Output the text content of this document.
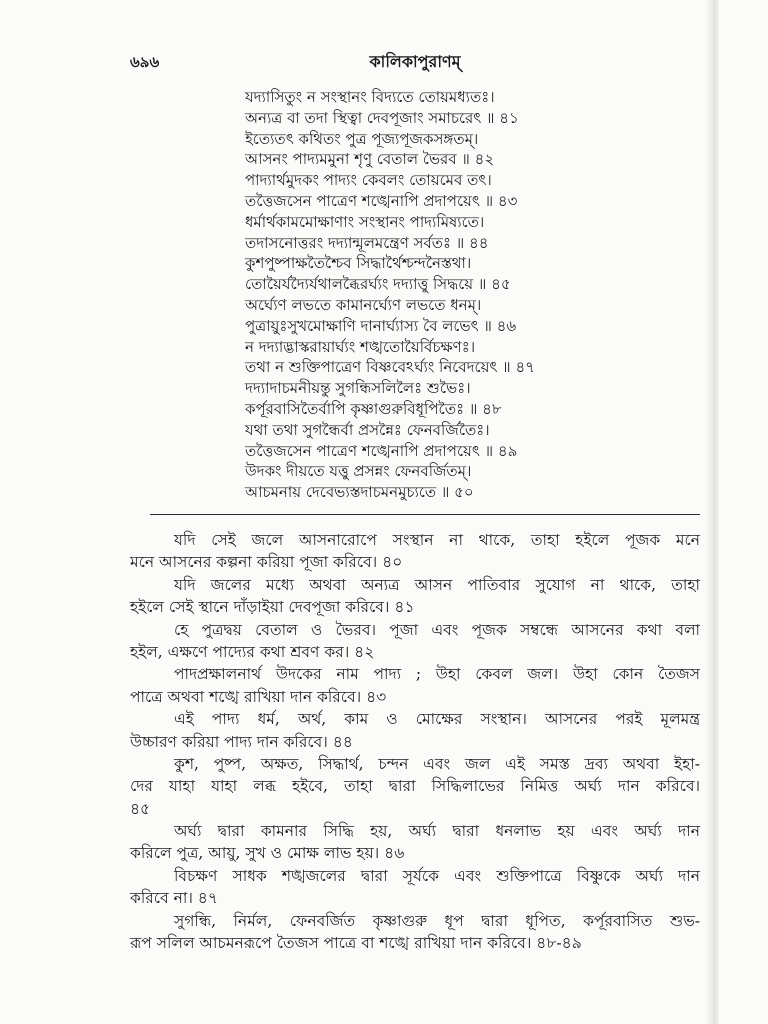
৬৯৬	কালিকাপুরাণম্
যদ্যাসিতুং ন সংস্থানং বিদ্যতে তোয়মধ্যতঃ।
অন্যত্র বা তদা স্থিত্বা দেবপূজাং সমাচরেৎ ॥ ৪১
ইত্যেতৎ কথিতং পুত্র পূজ্যপূজকসঙ্গতম্।
আসনং পাদ্যমমুনা শৃণু বেতাল ভৈরব ॥ ৪২
পাদ্যার্থমুদকং পাদ্যং কেবলং তোয়মেব তৎ।
তত্তৈজসেন পাত্রেণ শঙ্খেনাপি প্রদাপয়েৎ ॥ ৪৩
ধর্মার্থকামমোক্ষাণাং সংস্থানং পাদ্যমিষ্যতে।
তদাসনোত্তরং দদ্যান্মূলমন্ত্রেণ সর্বতঃ ॥ ৪৪
কুশপুষ্পাক্ষতৈশ্চৈব সিদ্ধার্থৈশ্চন্দনৈস্তথা।
তোয়ৈর্যদ্যৈর্যথালব্ধৈরর্ঘ্যং দদ্যাত্তু সিদ্ধয়ে ॥ ৪৫
অর্ঘ্যেণ লভতে কামানর্ঘ্যেণ লভতে ধনম্।
পুত্রায়ুঃসুখমোক্ষাণি দানার্ঘ্যাস্য বৈ লভেৎ ॥ ৪৬
ন দদ্যাদ্ভাস্করায়ার্ঘ্যং শঙ্খতোয়ৈর্বিচক্ষণঃ।
তথা ন শুক্তিপাত্রেণ বিষ্ণবেঽর্ঘ্যং নিবেদয়েৎ ॥ ৪৭
দদ্যাদাচমনীয়ন্তু সুগন্ধিসলিলৈঃ শুভৈঃ।
কর্পূরবাসিতৈর্বাপি কৃষ্ণাগুরুবিধূপিতৈঃ ॥ ৪৮
যথা তথা সুগন্ধৈর্বা প্রসন্নৈঃ ফেনবর্জিতৈঃ।
তত্তৈজসেন পাত্রেণ শঙ্খেনাপি প্রদাপয়েৎ ॥ ৪৯
উদকং দীয়তে যত্তু প্রসন্নং ফেনবর্জিতম্।
আচমনায় দেবেভ্যস্তদাচমনমুচ্যতে ॥ ৫০
যদি সেই জলে আসনারোপে সংস্থান না থাকে, তাহা হইলে পূজক মনে
মনে আসনের কল্পনা করিয়া পূজা করিবে। ৪০
যদি জলের মধ্যে অথবা অন্যত্র আসন পাতিবার সুযোগ না থাকে, তাহা
হইলে সেই স্থানে দাঁড়াইয়া দেবপূজা করিবে। ৪১
হে পুত্রদ্বয় বেতাল ও ভৈরব। পূজা এবং পূজক সম্বন্ধে আসনের কথা বলা
হইল, এক্ষণে পাদ্যের কথা শ্রবণ কর। ৪২
পাদপ্রক্ষালনার্থ উদকের নাম পাদ্য ; উহা কেবল জল। উহা কোন তৈজস
পাত্রে অথবা শঙ্খে রাখিয়া দান করিবে। ৪৩
এই পাদ্য ধর্ম, অর্থ, কাম ও মোক্ষের সংস্থান। আসনের পরই মূলমন্ত্র
উচ্চারণ করিয়া পাদ্য দান করিবে। ৪৪
কুশ, পুষ্প, অক্ষত, সিদ্ধার্থ, চন্দন এবং জল এই সমস্ত দ্রব্য অথবা ইহা-
দের যাহা যাহা লব্ধ হইবে, তাহা দ্বারা সিদ্ধিলাভের নিমিত্ত অর্ঘ্য দান করিবে।
৪৫
অর্ঘ্য দ্বারা কামনার সিদ্ধি হয়, অর্ঘ্য দ্বারা ধনলাভ হয় এবং অর্ঘ্য দান
করিলে পুত্র, আয়ু, সুখ ও মোক্ষ লাভ হয়। ৪৬
বিচক্ষণ সাধক শঙ্খজলের দ্বারা সূর্যকে এবং শুক্তিপাত্রে বিষ্ণুকে অর্ঘ্য দান
করিবে না। ৪৭
সুগন্ধি, নির্মল, ফেনবর্জিত কৃষ্ণাগুরু ধূপ দ্বারা ধূপিত, কর্পূরবাসিত শুভ-
রূপ সলিল আচমনরূপে তৈজস পাত্রে বা শঙ্খে রাখিয়া দান করিবে। ৪৮-৪৯
